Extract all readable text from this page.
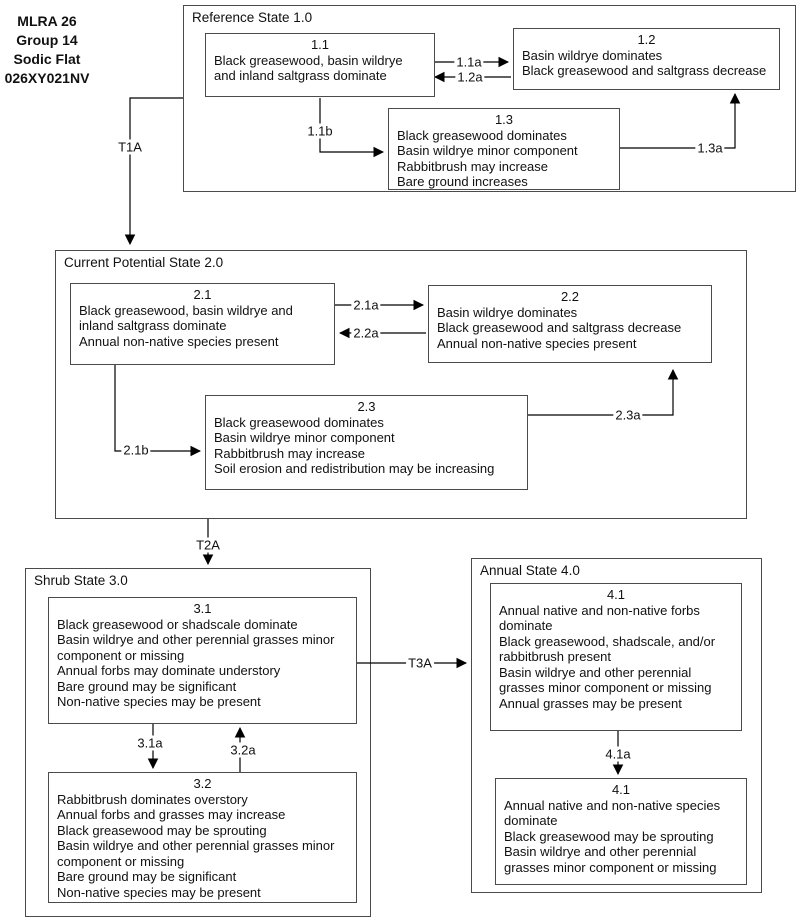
MLRA 26
Group 14
Sodic Flat
026XY021NV
Reference State 1.0
Current Potential State 2.0
Shrub State 3.0
Annual State 4.0
1.1
Black greasewood, basin wildrye and inland saltgrass dominate
1.2
Basin wildrye dominates
Black greasewood and saltgrass decrease
1.3
Black greasewood dominates
Basin wildrye minor component
Rabbitbrush may increase
Bare ground increases
2.1
Black greasewood, basin wildrye and inland saltgrass dominate
Annual non-native species present
2.2
Basin wildrye dominates
Black greasewood and saltgrass decrease
Annual non-native species present
2.3
Black greasewood dominates
Basin wildrye minor component
Rabbitbrush may increase
Soil erosion and redistribution may be increasing
3.1
Black greasewood or shadscale dominate
Basin wildrye and other perennial grasses minor component or missing
Annual forbs may dominate understory
Bare ground may be significant
Non-native species may be present
3.2
Rabbitbrush dominates overstory
Annual forbs and grasses may increase
Black greasewood may be sprouting
Basin wildrye and other perennial grasses minor component or missing
Bare ground may be significant
Non-native species may be present
4.1
Annual native and non-native forbs dominate
Black greasewood, shadscale, and/or rabbitbrush present
Basin wildrye and other perennial grasses minor component or missing
Annual grasses may be present
4.1
Annual native and non-native species dominate
Black greasewood may be sprouting
Basin wildrye and other perennial grasses minor component or missing
T1A
1.1a
1.2a
1.1b
1.3a
2.1a
2.2a
2.1b
2.3a
T2A
T3A
3.1a	3.2a	4.1a
